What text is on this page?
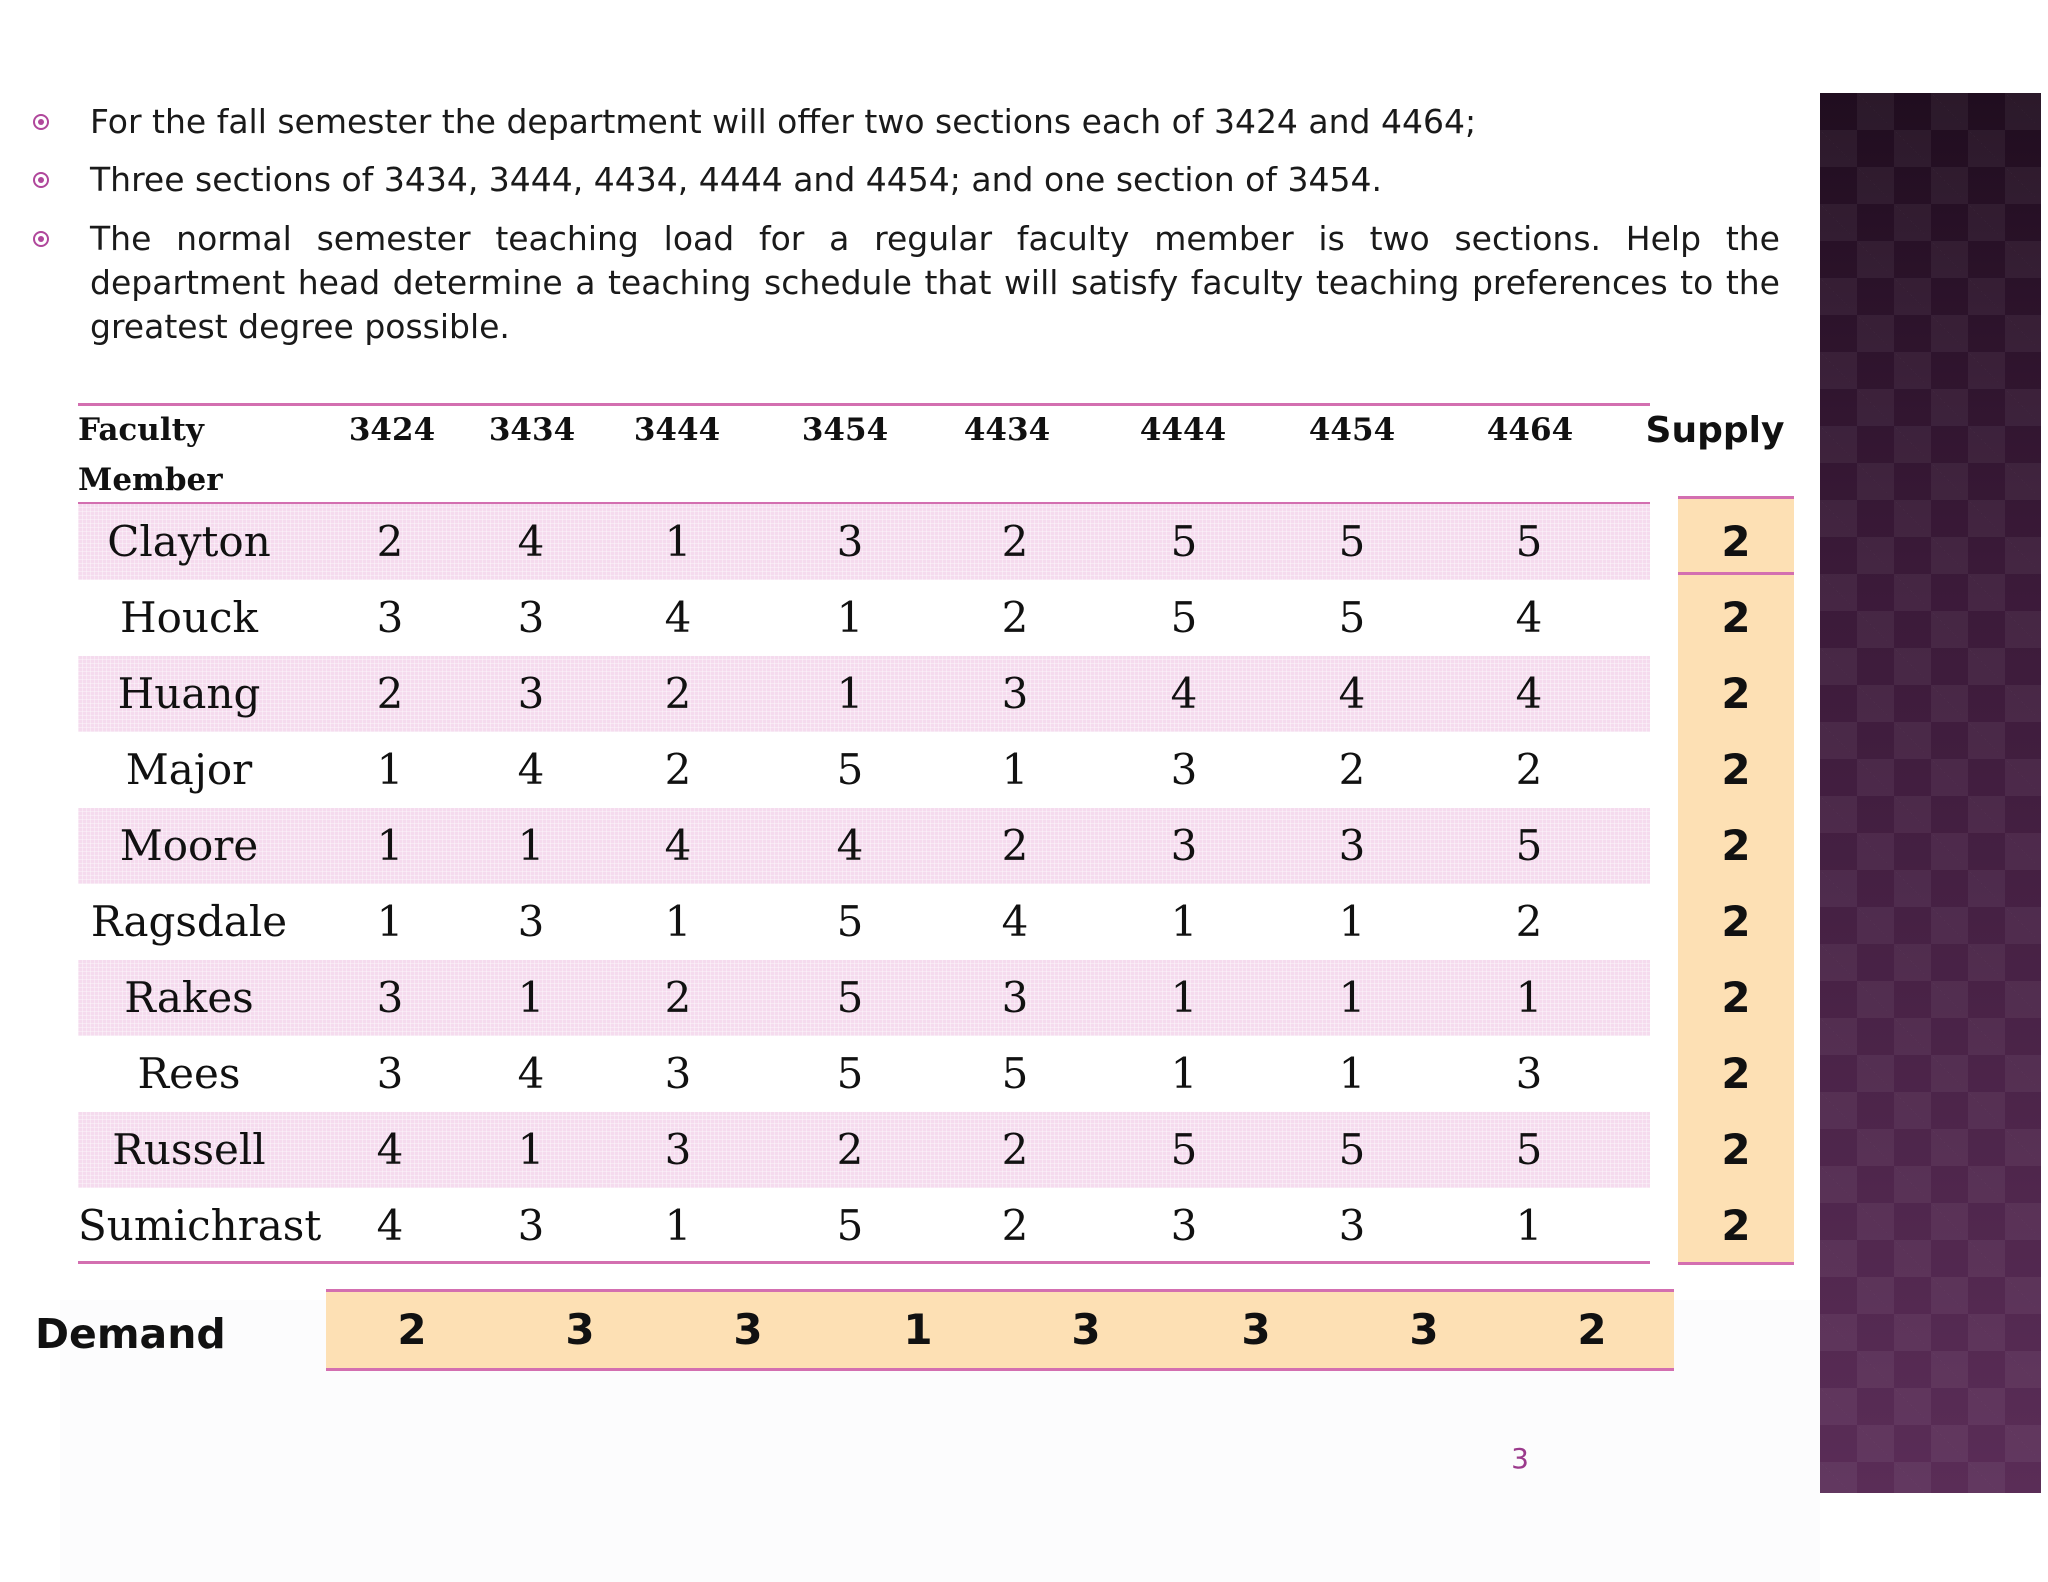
For the fall semester the department will offer two sections each of 3424 and 4464;
Three sections of 3434, 3444, 4434, 4444 and 4454; and one section of 3454.
The normal semester teaching load for a regular faculty member is two sections. Help the department head determine a teaching schedule that will satisfy faculty teaching preferences to the greatest degree possible.
Faculty Member
3424	3434	3444	3454	4434	4444	4454	4464	Supply
Clayton	2	4	1	3	2	5	5	5	2
Houck	3	3	4	1	2	5	5	4	2
Huang	2	3	2	1	3	4	4	4	2
Major	1	4	2	5	1	3	2	2	2
Moore	1	1	4	4	2	3	3	5	2
Ragsdale	1	3	1	5	4	1	1	2	2
Rakes	3	1	2	5	3	1	1	1	2
Rees	3	4	3	5	5	1	1	3	2
Russell	4	1	3	2	2	5	5	5	2
Sumichrast	4	3	1	5	2	3	3	1	2
Demand	2	3	3	1	3	3	3	2
3
